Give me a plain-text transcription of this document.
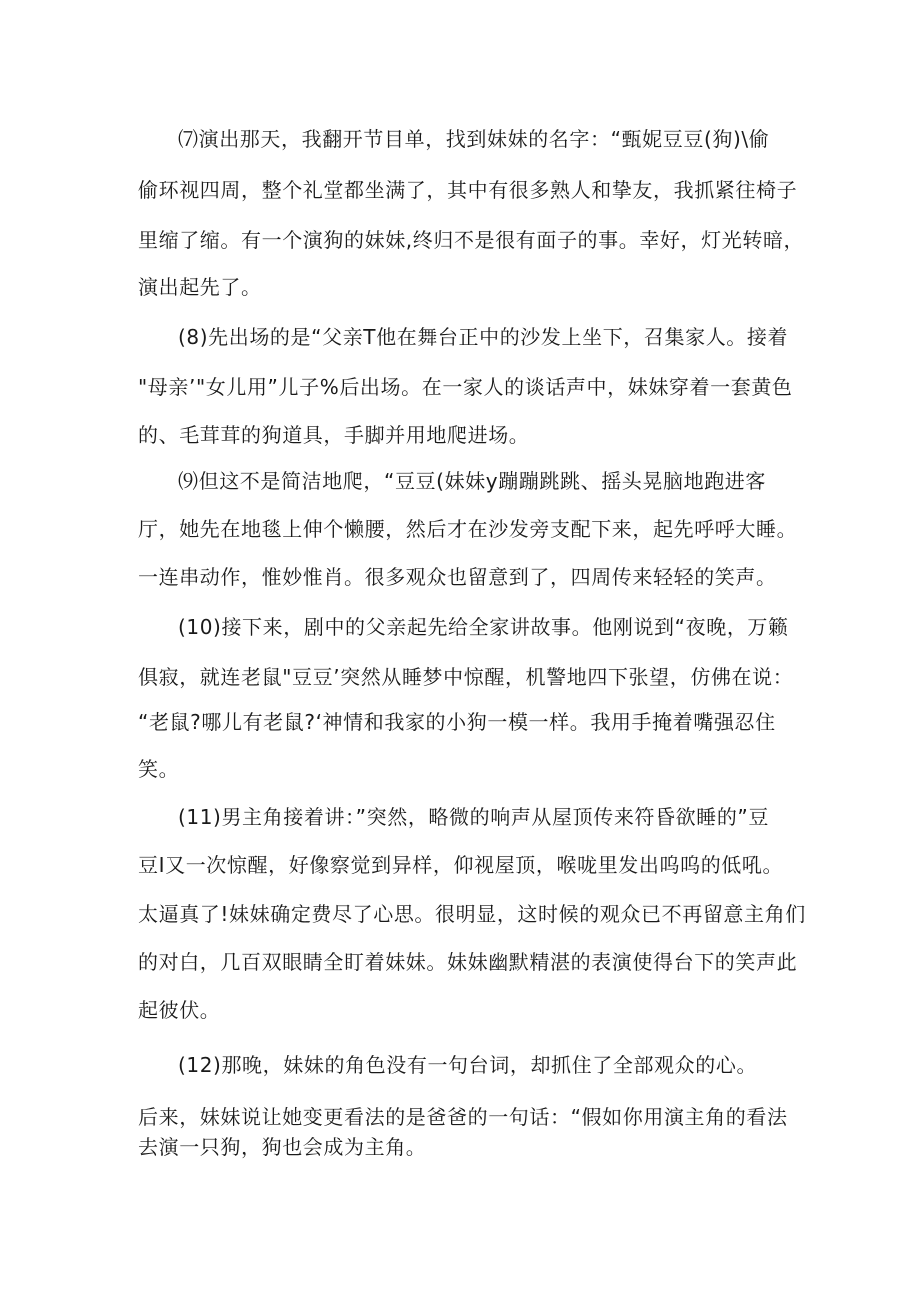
⑺演出那天，我翻开节目单，找到妹妹的名字：“甄妮豆豆(狗)\偷
偷环视四周，整个礼堂都坐满了，其中有很多熟人和挚友，我抓紧往椅子
里缩了缩。有一个演狗的妹妹,终归不是很有面子的事。幸好，灯光转暗，
演出起先了。
(8)先出场的是“父亲T他在舞台正中的沙发上坐下，召集家人。接着
"母亲’"女儿用”儿子%后出场。在一家人的谈话声中，妹妹穿着一套黄色
的、毛茸茸的狗道具，手脚并用地爬进场。
⑼但这不是简洁地爬，“豆豆(妹妹y蹦蹦跳跳、摇头晃脑地跑进客
厅，她先在地毯上伸个懒腰，然后才在沙发旁支配下来，起先呼呼大睡。
一连串动作，惟妙惟肖。很多观众也留意到了，四周传来轻轻的笑声。
(10)接下来，剧中的父亲起先给全家讲故事。他刚说到“夜晚，万籁
俱寂，就连老鼠"豆豆’突然从睡梦中惊醒，机警地四下张望，仿佛在说：
“老鼠?哪儿有老鼠?‘神情和我家的小狗一模一样。我用手掩着嘴强忍住
笑。
(11)男主角接着讲：”突然，略微的响声从屋顶传来符昏欲睡的”豆
豆I又一次惊醒，好像察觉到异样，仰视屋顶，喉咙里发出呜呜的低吼。
太逼真了!妹妹确定费尽了心思。很明显，这时候的观众已不再留意主角们
的对白，几百双眼睛全盯着妹妹。妹妹幽默精湛的表演使得台下的笑声此
起彼伏。
(12)那晚，妹妹的角色没有一句台词，却抓住了全部观众的心。
后来，妹妹说让她变更看法的是爸爸的一句话：“假如你用演主角的看法
去演一只狗，狗也会成为主角。
